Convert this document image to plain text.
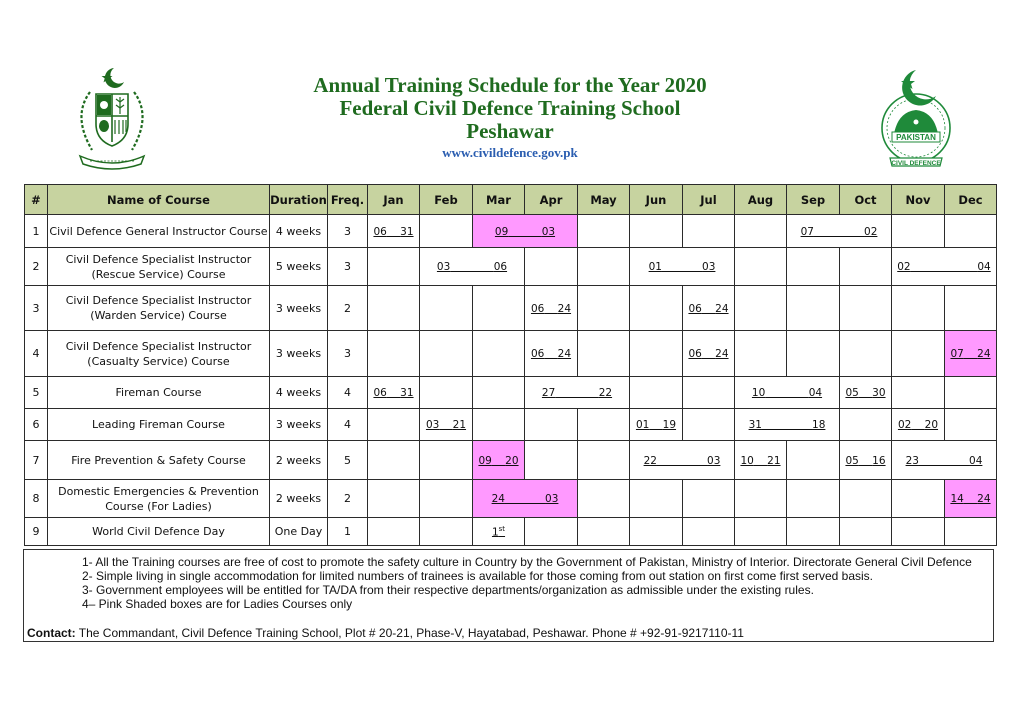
Annual Training Schedule for the Year 2020
Federal Civil Defence Training School
Peshawar
www.civildefence.gov.pk
PAKISTAN
CIVIL DEFENCE
#	Name of Course	Duration	Freq.	Jan	Feb	Mar	Apr	May	Jun	Jul	Aug	Sep	Oct	Nov	Dec
1	Civil Defence General Instructor Course	4 weeks	3	06 31		09 03						07 02			
2	Civil Defence Specialist Instructor (Rescue Service) Course	5 weeks	3		03 06				01 03					02 04	
3	Civil Defence Specialist Instructor (Warden Service) Course	3 weeks	2				06 24			06 24					
4	Civil Defence Specialist Instructor (Casualty Service) Course	3 weeks	3				06 24			06 24					07 24
5	Fireman Course	4 weeks	4	06 31			27 22				10 04		05 30		
6	Leading Fireman Course	3 weeks	4		03 21				01 19		31 18			02 20	
7	Fire Prevention & Safety Course	2 weeks	5			09 20			22 03		10 21		05 16	23 04	
8	Domestic Emergencies & Prevention Course (For Ladies)	2 weeks	2			24 03									14 24
9	World Civil Defence Day	One Day	1			1st									
1- All the Training courses are free of cost to promote the safety culture in Country by the Government of Pakistan, Ministry of Interior. Directorate General Civil Defence
2- Simple living in single accommodation for limited numbers of trainees is available for those coming from out station on first come first served basis.
3- Government employees will be entitled for TA/DA from their respective departments/organization as admissible under the existing rules.
4– Pink Shaded boxes are for Ladies Courses only
Contact: The Commandant, Civil Defence Training School, Plot # 20-21, Phase-V, Hayatabad, Peshawar. Phone # +92-91-9217110-11
